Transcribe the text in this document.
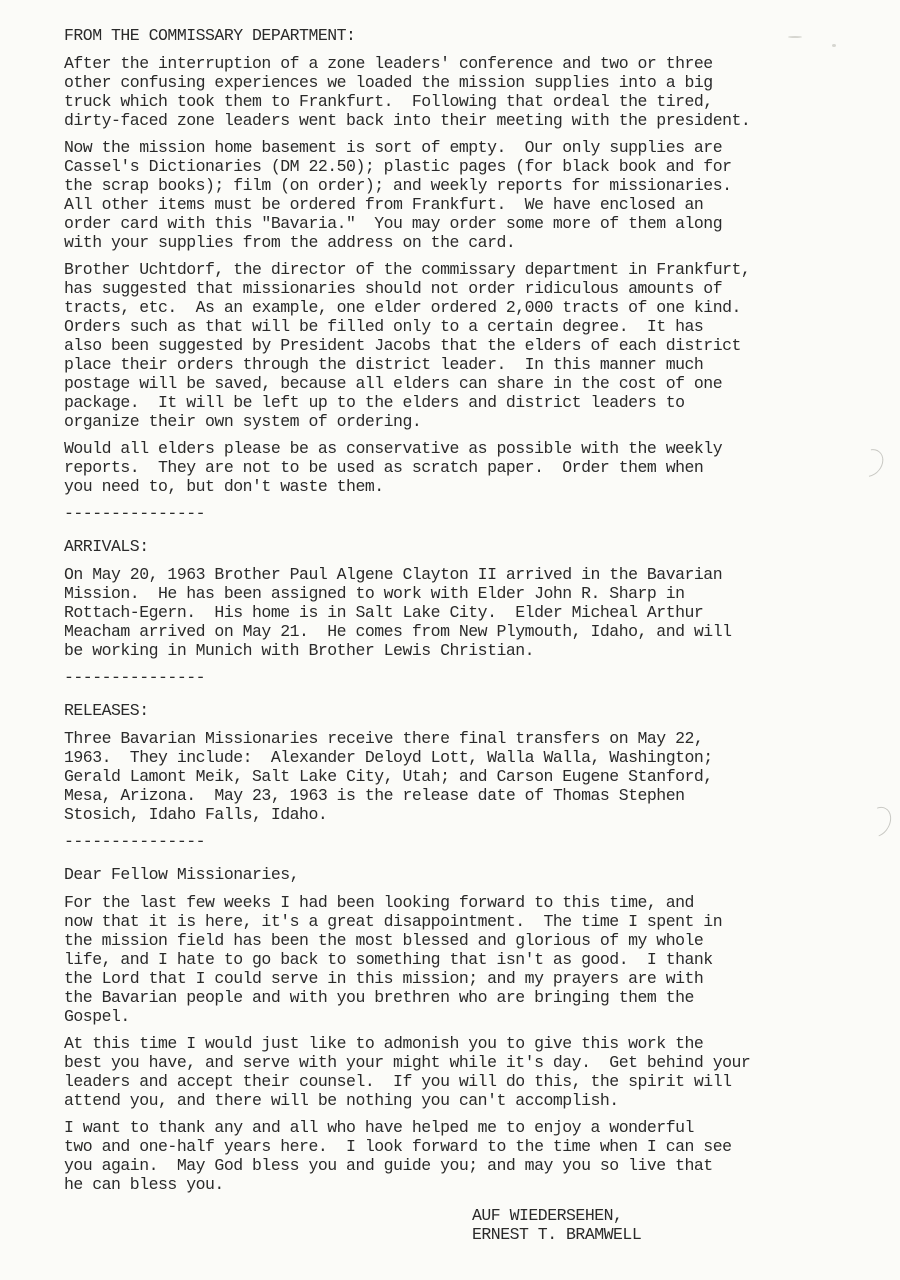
FROM THE COMMISSARY DEPARTMENT:
After the interruption of a zone leaders' conference and two or three
other confusing experiences we loaded the mission supplies into a big
truck which took them to Frankfurt.  Following that ordeal the tired,
dirty-faced zone leaders went back into their meeting with the president.
Now the mission home basement is sort of empty.  Our only supplies are
Cassel's Dictionaries (DM 22.50); plastic pages (for black book and for
the scrap books); film (on order); and weekly reports for missionaries.
All other items must be ordered from Frankfurt.  We have enclosed an
order card with this "Bavaria."  You may order some more of them along
with your supplies from the address on the card.
Brother Uchtdorf, the director of the commissary department in Frankfurt,
has suggested that missionaries should not order ridiculous amounts of
tracts, etc.  As an example, one elder ordered 2,000 tracts of one kind.
Orders such as that will be filled only to a certain degree.  It has
also been suggested by President Jacobs that the elders of each district
place their orders through the district leader.  In this manner much
postage will be saved, because all elders can share in the cost of one
package.  It will be left up to the elders and district leaders to
organize their own system of ordering.
Would all elders please be as conservative as possible with the weekly
reports.  They are not to be used as scratch paper.  Order them when
you need to, but don't waste them.
---------------
ARRIVALS:
On May 20, 1963 Brother Paul Algene Clayton II arrived in the Bavarian
Mission.  He has been assigned to work with Elder John R. Sharp in
Rottach-Egern.  His home is in Salt Lake City.  Elder Micheal Arthur
Meacham arrived on May 21.  He comes from New Plymouth, Idaho, and will
be working in Munich with Brother Lewis Christian.
---------------
RELEASES:
Three Bavarian Missionaries receive there final transfers on May 22,
1963.  They include:  Alexander Deloyd Lott, Walla Walla, Washington;
Gerald Lamont Meik, Salt Lake City, Utah; and Carson Eugene Stanford,
Mesa, Arizona.  May 23, 1963 is the release date of Thomas Stephen
Stosich, Idaho Falls, Idaho.
---------------
Dear Fellow Missionaries,
For the last few weeks I had been looking forward to this time, and
now that it is here, it's a great disappointment.  The time I spent in
the mission field has been the most blessed and glorious of my whole
life, and I hate to go back to something that isn't as good.  I thank
the Lord that I could serve in this mission; and my prayers are with
the Bavarian people and with you brethren who are bringing them the
Gospel.
At this time I would just like to admonish you to give this work the
best you have, and serve with your might while it's day.  Get behind your
leaders and accept their counsel.  If you will do this, the spirit will
attend you, and there will be nothing you can't accomplish.
I want to thank any and all who have helped me to enjoy a wonderful
two and one-half years here.  I look forward to the time when I can see
you again.  May God bless you and guide you; and may you so live that
he can bless you.
AUF WIEDERSEHEN,
ERNEST T. BRAMWELL
